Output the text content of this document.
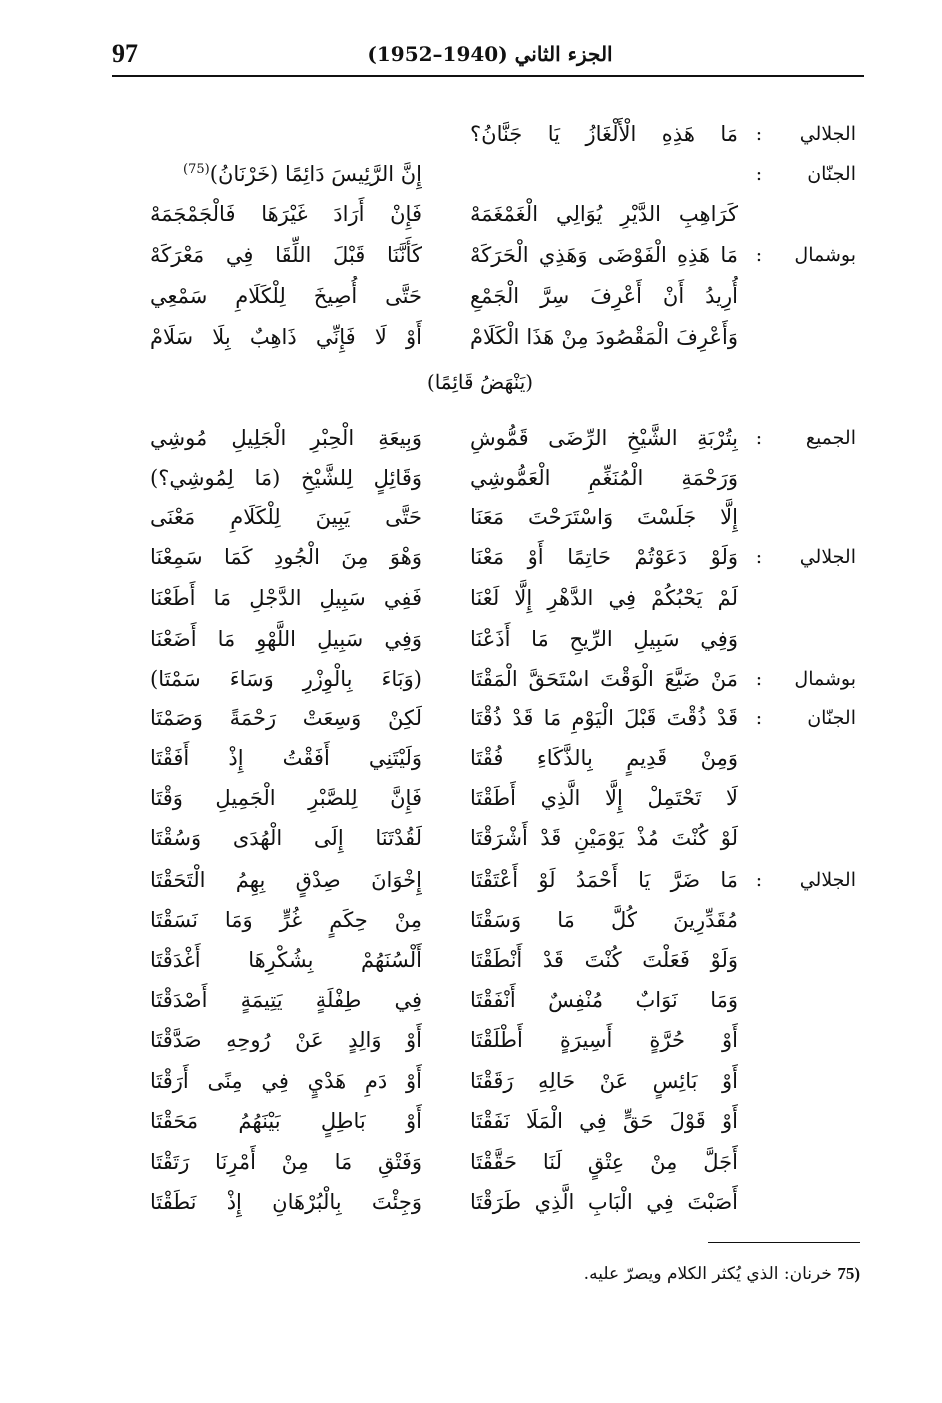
97	الجزء الثاني (1940–1952)
الجلالي
:
مَا هَذِهِ الْأَلْغَازُ يَا جَنَّانُ؟
الجنّان
:
إِنَّ الرَّئِيسَ دَائِمًا (خَرْنَانُ)$^{(75)}$
كَرَاهِبِ الدَّيْرِ يُوَالِي الْغَمْغَمَهْ
فَإِنْ أَرَادَ غَيْرَهَا فَالْجَمْجَمَهْ
بوشمال
:
مَا هَذِهِ الْفَوْضَى وَهَذِي الْحَرَكَهْ
كَأَنَّنَا قَبْلَ اللِّقَا فِي مَعْرَكَهْ
أُرِيدُ أَنْ أَعْرِفَ سِرَّ الْجَمْعِ
حَتَّى أُصِيخَ لِلْكَلَامِ سَمْعِي
وَأَعْرِفَ الْمَقْصُودَ مِنْ هَذَا الْكَلَامْ
أَوْ لَا فَإِنِّي ذَاهِبٌ بِلَا سَلَامْ
الجميع
:
بِتُرْبَةِ الشَّيْخِ الرِّضَى قَمُّوشِ
وَبِيعَةِ الْحِبْرِ الْجَلِيلِ مُوشِي
وَرَحْمَةِ الْمُنَغِّمِ الْعَمُّوشِي
وَقَائِلٍ لِلشَّيْخِ (مَا لِمُوشِي؟)
إِلَّا جَلَسْتَ وَاسْتَرَحْتَ مَعَنَا
حَتَّى يَبِينَ لِلْكَلَامِ مَعْنَى
الجلالي
:
وَلَوْ دَعَوْتُمْ حَاتِمًا أَوْ مَعْنَا
وَهْوَ مِنَ الْجُودِ كَمَا سَمِعْنَا
لَمْ يَحْبُكُمْ فِي الدَّهْرِ إِلَّا لَعْنَا
فَفِي سَبِيلِ الدَّجْلِ مَا أَطَعْنَا
وَفِي سَبِيلِ الرِّيحِ مَا أَذَعْنَا
وَفِي سَبِيلِ اللَّهْوِ مَا أَضَعْنَا
بوشمال
:
مَنْ ضَيَّعَ الْوَقْتَ اسْتَحَقَّ الْمَقْتَا
(وَبَاءَ بِالْوِزْرِ وَسَاءَ سَمْتَا)
الجنّان
:
قَدْ ذُقْتَ قَبْلَ الْيَوْمِ مَا قَدْ ذُقْتَا
لَكِنْ وَسِعَتْ رَحْمَةً وَصَمْتَا
وَمِنْ قَدِيمٍ بِالذَّكَاءِ فُقْتَا
وَلَيْتَنِي أَفَقْتُ إِذْ أَفَقْتَا
لَا تَحْتَمِلْ إِلَّا الَّذِي أَطَقْتَا
فَإِنَّ لِلصَّبْرِ الْجَمِيلِ وَقْتَا
لَوْ كُنْتَ مُذْ يَوْمَيْنِ قَدْ أَشْرَقْتَا
لَقُدْتَنَا إِلَى الْهُدَى وَسُقْتَا
الجلالي
:
مَا ضَرَّ يَا أَحْمَدُ لَوْ أَعْتَقْتَا
إِخْوَانَ صِدْقٍ بِهِمُ الْتَحَقْتَا
مُقَدِّرِينَ كُلَّ مَا وَسَقْتَا
مِنْ حِكَمٍ غُرٍّ وَمَا نَسَقْتَا
وَلَوْ فَعَلْتَ كُنْتَ قَدْ أَنْطَقْتَا
أَلْسُنَهُمْ بِشُكْرِهَا أَغْدَقْتَا
وَمَا نَوَابٌ مُنْفِسٌ أَنْفَقْتَا
فِي طِفْلَةٍ يَتِيمَةٍ أَصْدَقْتَا
أَوْ حُرَّةٍ أَسِيرَةٍ أَطْلَقْتَا
أَوْ وَالِدٍ عَنْ رُوحِهِ صَدَّقْتَا
أَوْ بَائِسٍ عَنْ حَالِهِ رَقَقْتَا
أَوْ دَمِ هَدْيٍ فِي مِنًى أَرَقْتَا
أَوْ قَوْلَ حَقٍّ فِي الْمَلَا نَفَقْتَا
أَوْ بَاطِلٍ بَيْنَهُمُ مَحَقْتَا
أَجَلَّ مِنْ عِتْقٍ لَنَا حَقَّقْتَا
وَفَتْقِ مَا مِنْ أَمْرِنَا رَتَقْتَا
أَصَبْتَ فِي الْبَابِ الَّذِي طَرَقْتَا
وَجِئْتَ بِالْبُرْهَانِ إِذْ نَطَقْتَا
(يَنْهَضُ قَائِمًا)
(75 خرنان: الذي يُكثر الكلام ويصرّ عليه.
